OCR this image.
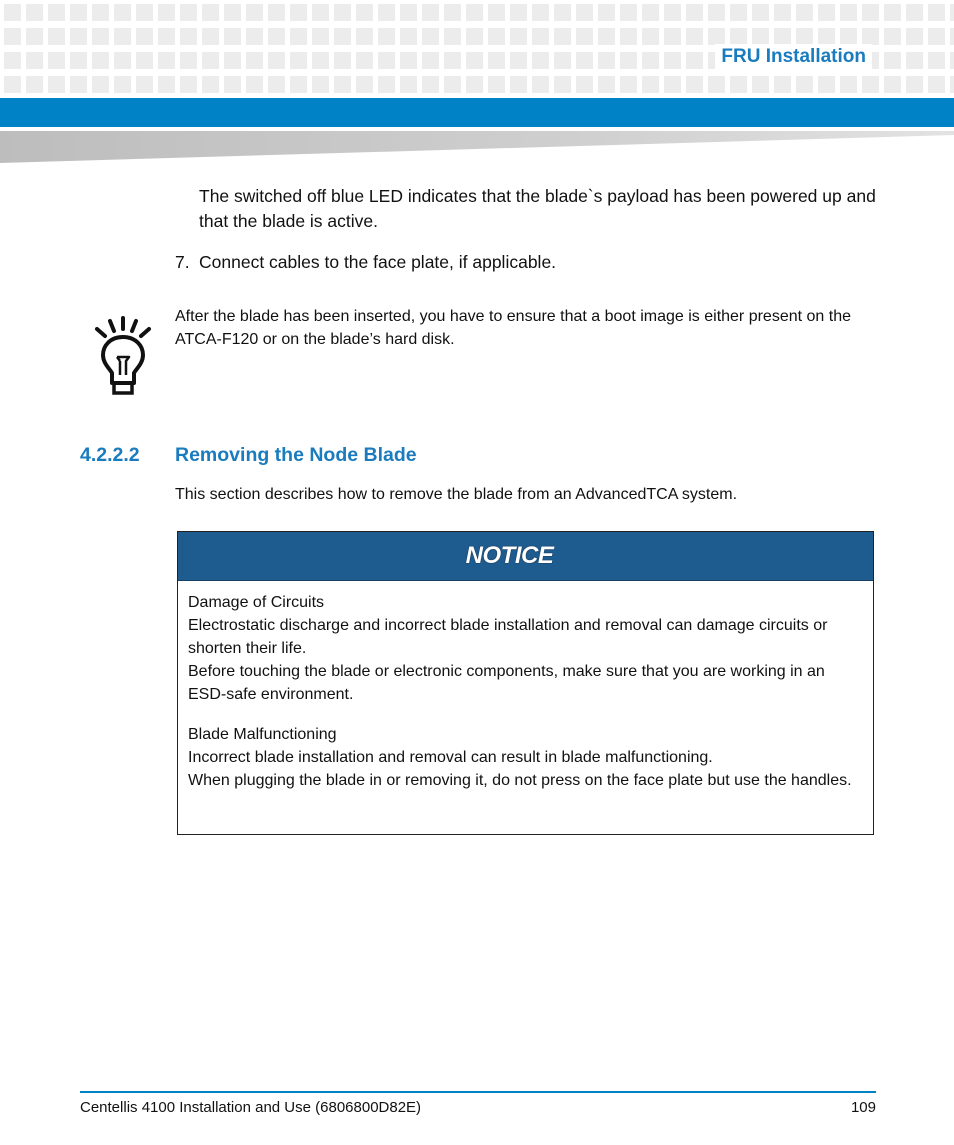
FRU Installation
The switched off blue LED indicates that the blade`s payload has been powered up and that the blade is active.
7. Connect cables to the face plate, if applicable.
After the blade has been inserted, you have to ensure that a boot image is either present on the ATCA-F120 or on the blade’s hard disk.
4.2.2.2 Removing the Node Blade
This section describes how to remove the blade from an AdvancedTCA system.
NOTICE
Damage of Circuits
Electrostatic discharge and incorrect blade installation and removal can damage circuits or shorten their life.
Before touching the blade or electronic components, make sure that you are working in an ESD-safe environment.
Blade Malfunctioning
Incorrect blade installation and removal can result in blade malfunctioning.
When plugging the blade in or removing it, do not press on the face plate but use the handles.
Centellis 4100 Installation and Use (6806800D82E)	109
